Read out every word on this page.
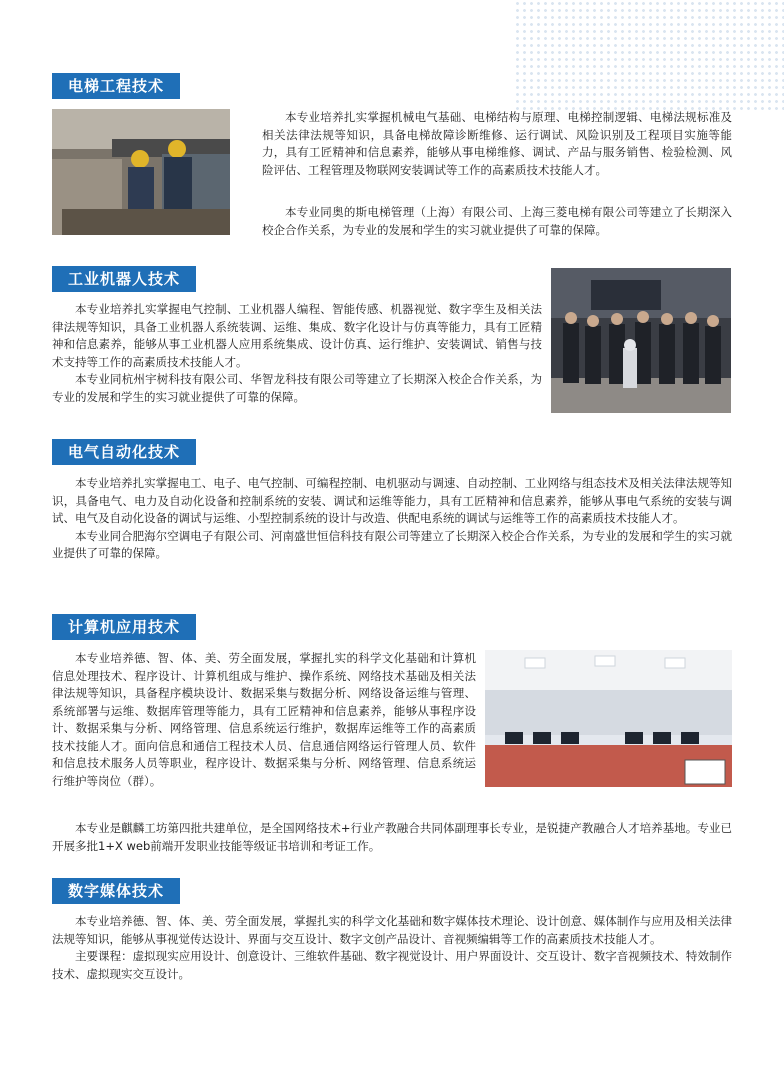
电梯工程技术

本专业培养扎实掌握机械电气基础、电梯结构与原理、电梯控制逻辑、电梯法规标准及相关法律法规等知识，具备电梯故障诊断维修、运行调试、风险识别及工程项目实施等能力，具有工匠精神和信息素养，能够从事电梯维修、调试、产品与服务销售、检验检测、风险评估、工程管理及物联网安装调试等工作的高素质技术技能人才。

本专业同奥的斯电梯管理（上海）有限公司、上海三菱电梯有限公司等建立了长期深入校企合作关系，为专业的发展和学生的实习就业提供了可靠的保障。

工业机器人技术

本专业培养扎实掌握电气控制、工业机器人编程、智能传感、机器视觉、数字孪生及相关法律法规等知识，具备工业机器人系统装调、运维、集成、数字化设计与仿真等能力，具有工匠精神和信息素养，能够从事工业机器人应用系统集成、设计仿真、运行维护、安装调试、销售与技术支持等工作的高素质技术技能人才。

本专业同杭州宇树科技有限公司、华智龙科技有限公司等建立了长期深入校企合作关系，为专业的发展和学生的实习就业提供了可靠的保障。

电气自动化技术

本专业培养扎实掌握电工、电子、电气控制、可编程控制、电机驱动与调速、自动控制、工业网络与组态技术及相关法律法规等知识，具备电气、电力及自动化设备和控制系统的安装、调试和运维等能力，具有工匠精神和信息素养，能够从事电气系统的安装与调试、电气及自动化设备的调试与运维、小型控制系统的设计与改造、供配电系统的调试与运维等工作的高素质技术技能人才。

本专业同合肥海尔空调电子有限公司、河南盛世恒信科技有限公司等建立了长期深入校企合作关系，为专业的发展和学生的实习就业提供了可靠的保障。

计算机应用技术

本专业培养德、智、体、美、劳全面发展，掌握扎实的科学文化基础和计算机信息处理技术、程序设计、计算机组成与维护、操作系统、网络技术基础及相关法律法规等知识，具备程序模块设计、数据采集与数据分析、网络设备运维与管理、系统部署与运维、数据库管理等能力，具有工匠精神和信息素养，能够从事程序设计、数据采集与分析、网络管理、信息系统运行维护，数据库运维等工作的高素质技术技能人才。面向信息和通信工程技术人员、信息通信网络运行管理人员、软件和信息技术服务人员等职业，程序设计、数据采集与分析、网络管理、信息系统运行维护等岗位（群）。

本专业是麒麟工坊第四批共建单位，是全国网络技术+行业产教融合共同体副理事长专业，是锐捷产教融合人才培养基地。专业已开展多批1+X web前端开发职业技能等级证书培训和考证工作。

数字媒体技术

本专业培养德、智、体、美、劳全面发展，掌握扎实的科学文化基础和数字媒体技术理论、设计创意、媒体制作与应用及相关法律法规等知识，能够从事视觉传达设计、界面与交互设计、数字文创产品设计、音视频编辑等工作的高素质技术技能人才。

主要课程：虚拟现实应用设计、创意设计、三维软件基础、数字视觉设计、用户界面设计、交互设计、数字音视频技术、特效制作技术、虚拟现实交互设计。
